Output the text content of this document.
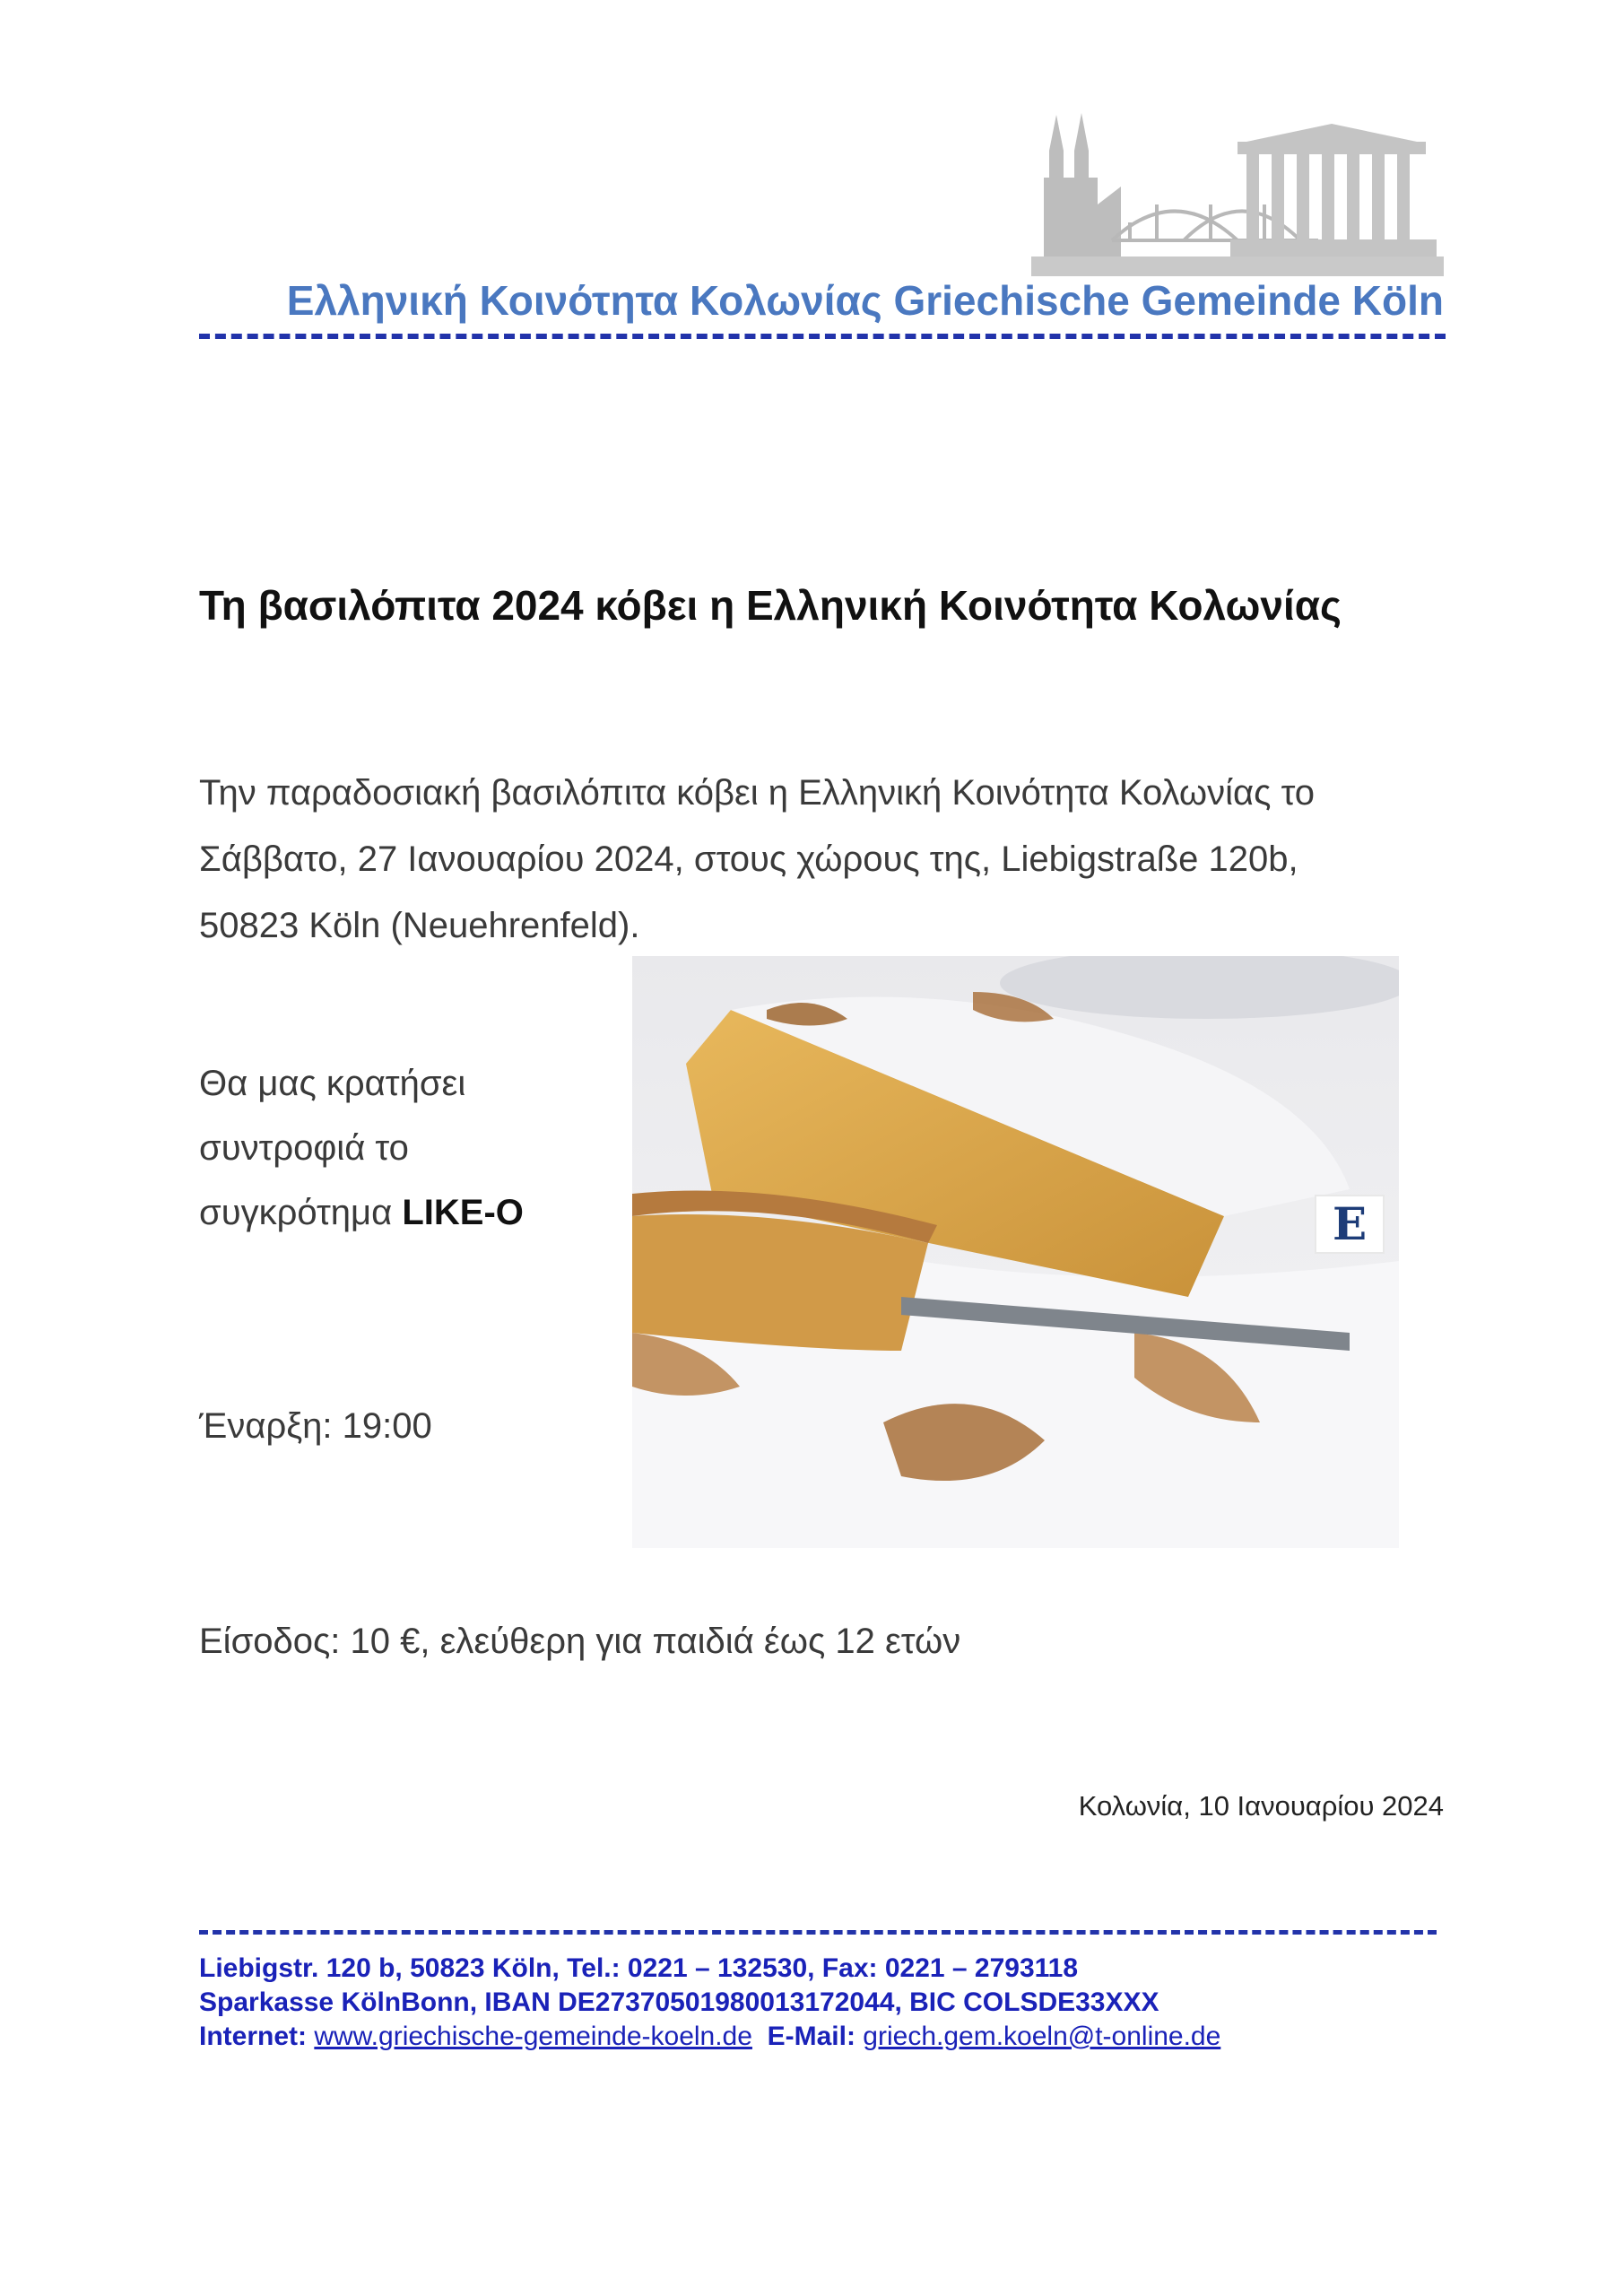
Ελληνική Κοινότητα Κολωνίας Griechische Gemeinde Köln
Τη βασιλόπιτα 2024 κόβει η Ελληνική Κοινότητα Κολωνίας
Την παραδοσιακή βασιλόπιτα κόβει η Ελληνική Κοινότητα Κολωνίας το
Σάββατο, 27 Ιανουαρίου 2024, στους χώρους της, Liebigstraße 120b,
50823 Köln (Neuehrenfeld).
Θα μας κρατήσει
συντροφιά το
συγκρότημα LIKE-O	E
Έναρξη: 19:00
Είσοδος: 10 €, ελεύθερη για παιδιά έως 12 ετών
Κολωνία, 10 Ιανουαρίου 2024
Liebigstr. 120 b, 50823 Köln, Tel.: 0221 – 132530, Fax: 0221 – 2793118
Sparkasse KölnBonn, IBAN DE27370501980013172044, BIC COLSDE33XXX
Internet: www.griechische-gemeinde-koeln.de E-Mail: griech.gem.koeln@t-online.de
